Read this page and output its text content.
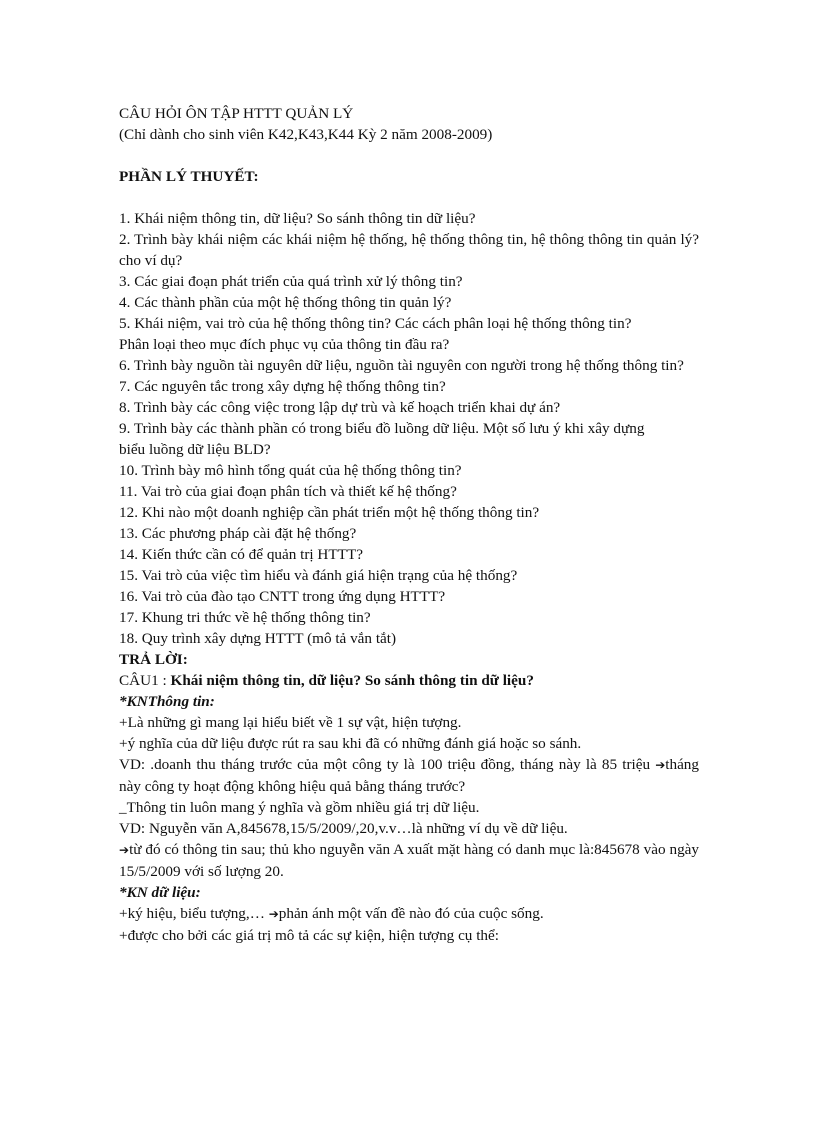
CÂU HỎI ÔN TẬP HTTT QUẢN LÝ
(Chỉ dành cho sinh viên K42,K43,K44 Kỳ 2 năm 2008-2009)
PHẦN LÝ THUYẾT:
1. Khái niệm thông tin, dữ liệu? So sánh thông tin dữ liệu?
2. Trình bày khái niệm các khái niệm hệ thống, hệ thống thông tin, hệ thông thông tin quản lý?cho ví dụ?
3. Các giai đoạn phát triển của quá trình xử lý thông tin?
4. Các thành phần của một hệ thống thông tin quản lý?
5. Khái niệm, vai trò của hệ thống thông tin? Các cách phân loại hệ thống thông tin?
Phân loại theo mục đích phục vụ của thông tin đầu ra?
6. Trình bày nguồn tài nguyên dữ liệu, nguồn tài nguyên con người trong hệ thống thông tin?
7. Các nguyên tắc trong xây dựng hệ thống thông tin?
8. Trình bày các công việc trong lập dự trù và kế hoạch triển khai dự án?
9. Trình bày các thành phần có trong biểu đồ luồng dữ liệu. Một số lưu ý khi xây dựng
biểu luồng dữ liệu BLD?
10. Trình bày mô hình tổng quát của hệ thống thông tin?
11. Vai trò của giai đoạn phân tích và thiết kế hệ thống?
12. Khi nào một doanh nghiệp cần phát triển một hệ thống thông tin?
13. Các phương pháp cài đặt hệ thống?
14. Kiến thức cần có để quản trị HTTT?
15. Vai trò của việc tìm hiểu và đánh giá hiện trạng của hệ thống?
16. Vai trò của đào tạo CNTT trong ứng dụng HTTT?
17. Khung tri thức về hệ thống thông tin?
18. Quy trình xây dựng HTTT (mô tả vắn tắt)
TRẢ LỜI:
CÂU1 : Khái niệm thông tin, dữ liệu? So sánh thông tin dữ liệu?
*KNThông tin:
+Là những gì mang lại hiểu biết về 1 sự vật, hiện tượng.
+ý nghĩa của dữ liệu được rút ra sau khi đã có những đánh giá hoặc so sánh.
VD: .doanh thu tháng trước của một công ty là 100 triệu đồng, tháng này là 85 triệu ➔tháng này công ty hoạt động không hiệu quả bằng tháng trước?
_Thông tin luôn mang ý nghĩa và gồm nhiều giá trị dữ liệu.
VD: Nguyễn văn A,845678,15/5/2009/,20,v.v…là những ví dụ về dữ liệu.
➔từ đó có thông tin sau; thủ kho nguyễn văn A xuất mặt hàng có danh mục là:845678 vào ngày 15/5/2009 với số lượng 20.
*KN dữ liệu:
+ký hiệu, biểu tượng,… ➔phản ánh một vấn đề nào đó của cuộc sống.
+được cho bởi các giá trị mô tả các sự kiện, hiện tượng cụ thể:
